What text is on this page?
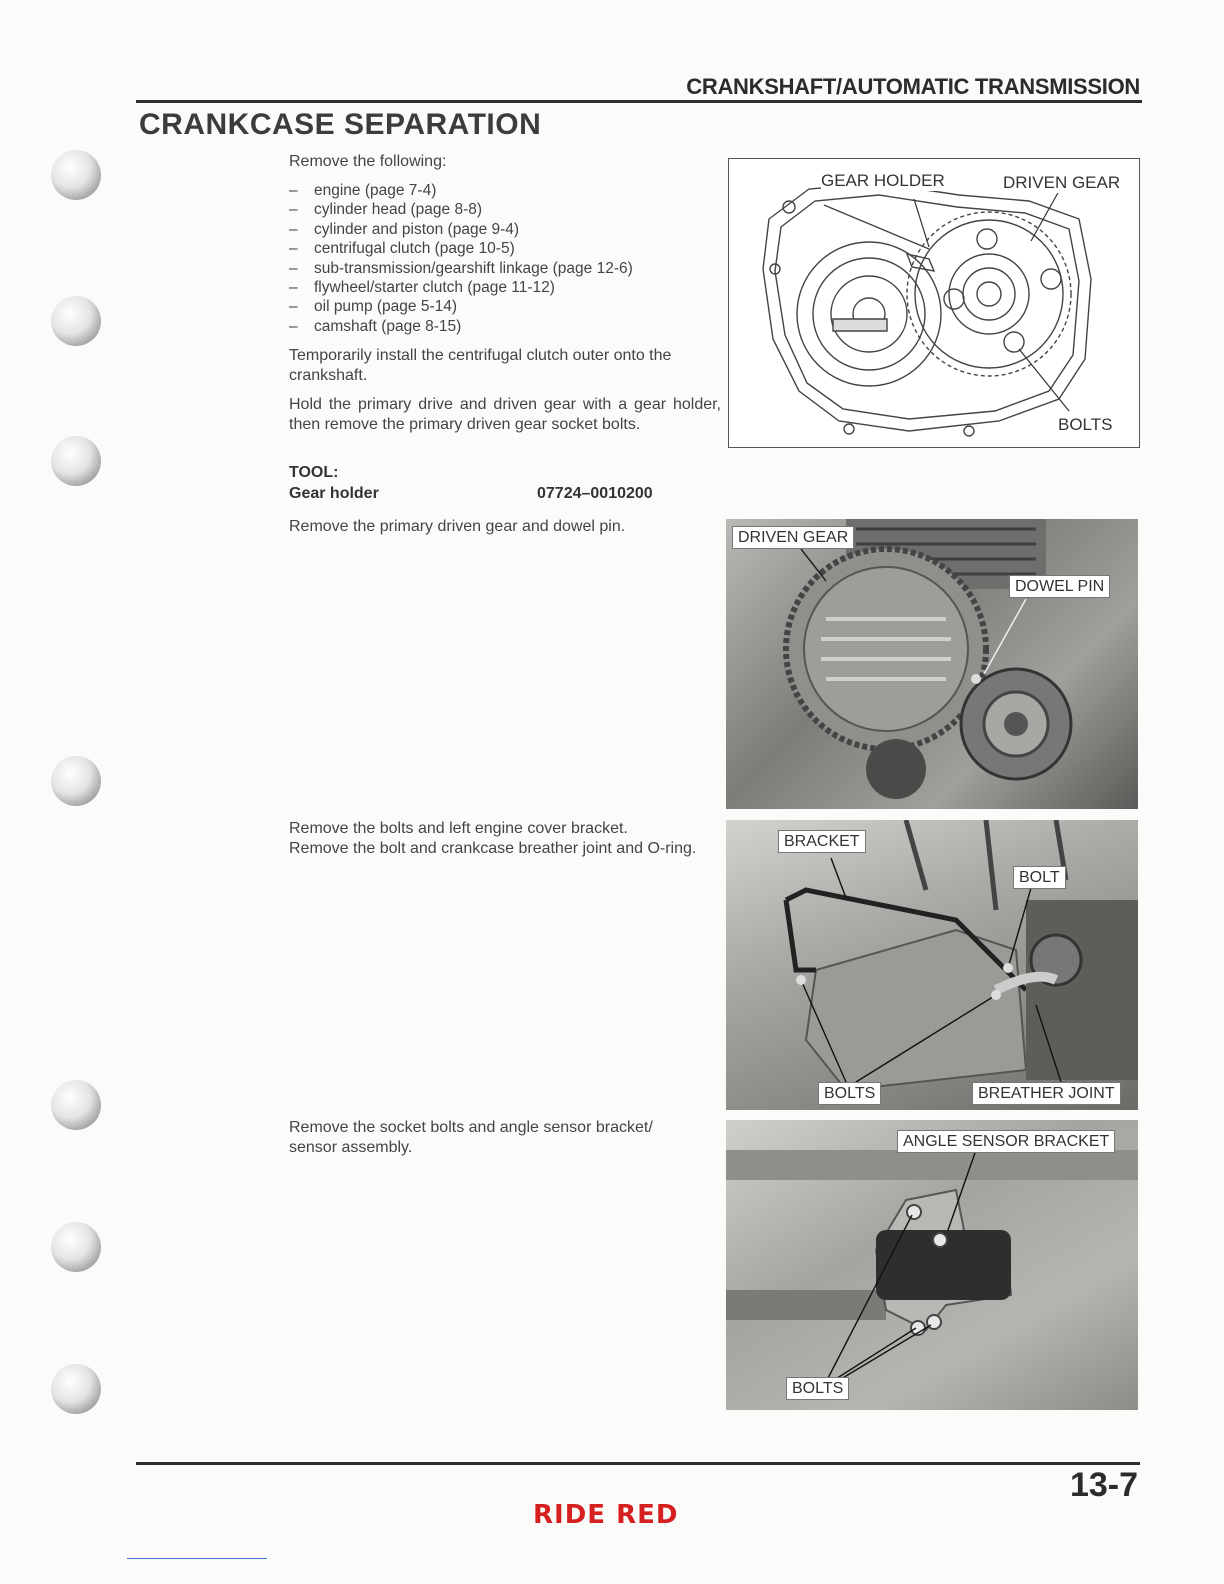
CRANKSHAFT/AUTOMATIC TRANSMISSION
CRANKCASE SEPARATION
Remove the following:
– engine (page 7-4)
– cylinder head (page 8-8)
– cylinder and piston (page 9-4)
– centrifugal clutch (page 10-5)
– sub-transmission/gearshift linkage (page 12-6)
– flywheel/starter clutch (page 11-12)
– oil pump (page 5-14)
– camshaft (page 8-15)
Temporarily install the centrifugal clutch outer onto the crankshaft.
Hold the primary drive and driven gear with a gear holder, then remove the primary driven gear socket bolts.
TOOL:
Gear holder	07724–0010200
Remove the primary driven gear and dowel pin.
Remove the bolts and left engine cover bracket.
Remove the bolt and crankcase breather joint and O-ring.
Remove the socket bolts and angle sensor bracket/
sensor assembly.
GEAR HOLDER	DRIVEN GEAR
BOLTS
DRIVEN GEAR
DOWEL PIN
BRACKET
BOLT
BOLTS	BREATHER JOINT
ANGLE SENSOR BRACKET
BOLTS
13-7
RIDE RED
